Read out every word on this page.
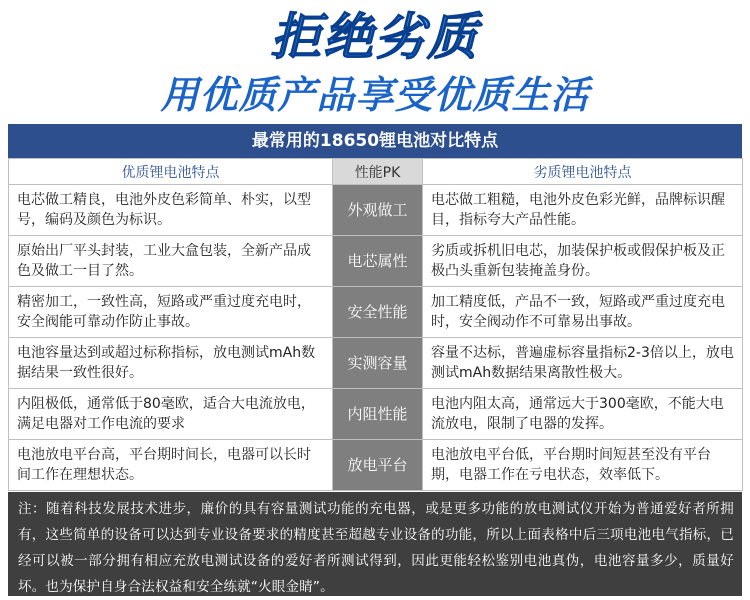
拒绝劣质
用优质产品享受优质生活
最常用的18650锂电池对比特点
优质锂电池特点	性能PK	劣质锂电池特点
电芯做工精良，电池外皮色彩简单、朴实，以型号，编码及颜色为标识。	外观做工	电芯做工粗糙，电池外皮色彩光鲜，品牌标识醒目，指标夸大产品性能。
原始出厂平头封装，工业大盒包装，全新产品成色及做工一目了然。	电芯属性	劣质或拆机旧电芯，加装保护板或假保护板及正极凸头重新包装掩盖身份。
精密加工，一致性高，短路或严重过度充电时，安全阀能可靠动作防止事故。	安全性能	加工精度低，产品不一致，短路或严重过度充电时，安全阀动作不可靠易出事故。
电池容量达到或超过标称指标，放电测试mAh数据结果一致性很好。	实测容量	容量不达标，普遍虚标容量指标2-3倍以上，放电测试mAh数据结果离散性极大。
内阻极低，通常低于80毫欧，适合大电流放电，满足电器对工作电流的要求	内阻性能	电池内阻太高，通常远大于300毫欧，不能大电流放电，限制了电器的发挥。
电池放电平台高，平台期时间长，电器可以长时间工作在理想状态。	放电平台	电池放电平台低，平台期时间短甚至没有平台期，电器工作在亏电状态，效率低下。
注：随着科技发展技术进步，廉价的具有容量测试功能的充电器，或是更多功能的放电测试仪开始为普通爱好者所拥有，这些简单的设备可以达到专业设备要求的精度甚至超越专业设备的功能，所以上面表格中后三项电池电气指标，已经可以被一部分拥有相应充放电测试设备的爱好者所测试得到，因此更能轻松鉴别电池真伪，电池容量多少，质量好坏。也为保护自身合法权益和安全练就“火眼金睛”。
